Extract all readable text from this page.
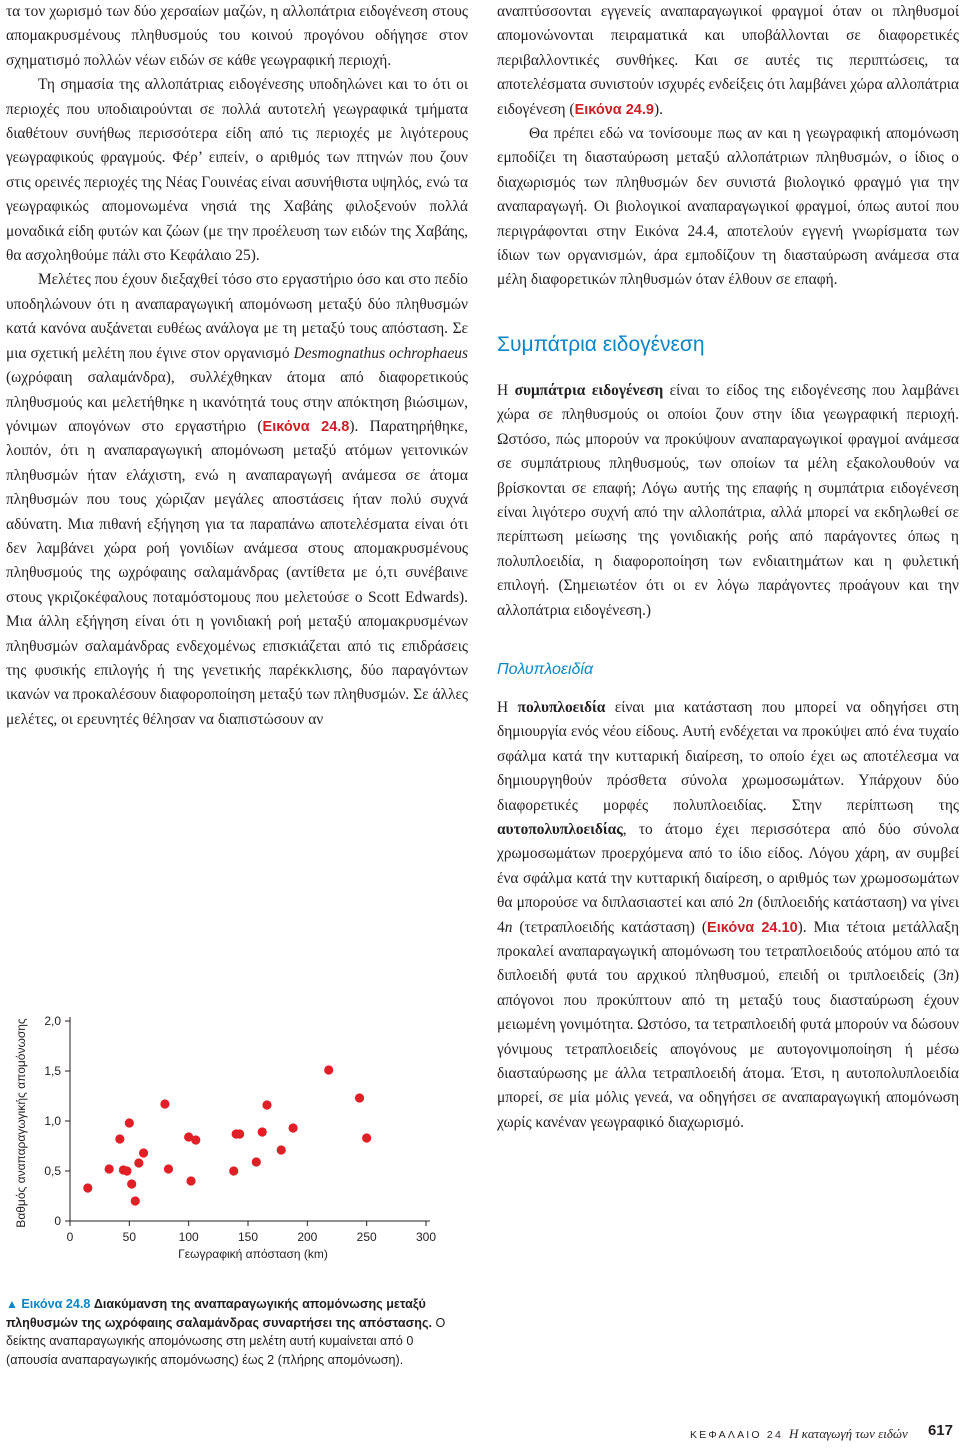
τα τον χωρισμό των δύο χερσαίων μαζών, η αλλοπάτρια ειδογένεση στους απομακρυσμένους πληθυσμούς του κοινού προγόνου οδήγησε στον σχηματισμό πολλών νέων ειδών σε κάθε γεωγραφική περιοχή.

Τη σημασία της αλλοπάτριας ειδογένεσης υποδηλώνει και το ότι οι περιοχές που υποδιαιρούνται σε πολλά αυτοτελή γεωγραφικά τμήματα διαθέτουν συνήθως περισσότερα είδη από τις περιοχές με λιγότερους γεωγραφικούς φραγμούς. Φέρ’ ειπείν, ο αριθμός των πτηνών που ζουν στις ορεινές περιοχές της Νέας Γουινέας είναι ασυνήθιστα υψηλός, ενώ τα γεωγραφικώς απομονωμένα νησιά της Χαβάης φιλοξενούν πολλά μοναδικά είδη φυτών και ζώων (με την προέλευση των ειδών της Χαβάης, θα ασχοληθούμε πάλι στο Κεφάλαιο 25).

Μελέτες που έχουν διεξαχθεί τόσο στο εργαστήριο όσο και στο πεδίο υποδηλώνουν ότι η αναπαραγωγική απομόνωση μεταξύ δύο πληθυσμών κατά κανόνα αυξάνεται ευθέως ανάλογα με τη μεταξύ τους απόσταση. Σε μια σχετική μελέτη που έγινε στον οργανισμό Desmognathus ochrophaeus (ωχρόφαιη σαλαμάνδρα), συλλέχθηκαν άτομα από διαφορετικούς πληθυσμούς και μελετήθηκε η ικανότητά τους στην απόκτηση βιώσιμων, γόνιμων απογόνων στο εργαστήριο (Εικόνα 24.8). Παρατηρήθηκε, λοιπόν, ότι η αναπαραγωγική απομόνωση μεταξύ ατόμων γειτονικών πληθυσμών ήταν ελάχιστη, ενώ η αναπαραγωγή ανάμεσα σε άτομα πληθυσμών που τους χώριζαν μεγάλες αποστάσεις ήταν πολύ συχνά αδύνατη. Μια πιθανή εξήγηση για τα παραπάνω αποτελέσματα είναι ότι δεν λαμβάνει χώρα ροή γονιδίων ανάμεσα στους απομακρυσμένους πληθυσμούς της ωχρόφαιης σαλαμάνδρας (αντίθετα με ό,τι συνέβαινε στους γκριζοκέφαλους ποταμόστομους που μελετούσε ο Scott Edwards). Μια άλλη εξήγηση είναι ότι η γονιδιακή ροή μεταξύ απομακρυσμένων πληθυσμών σαλαμάνδρας ενδεχομένως επισκιάζεται από τις επιδράσεις της φυσικής επιλογής ή της γενετικής παρέκκλισης, δύο παραγόντων ικανών να προκαλέσουν διαφοροποίηση μεταξύ των πληθυσμών. Σε άλλες μελέτες, οι ερευνητές θέλησαν να διαπιστώσουν αν

Βαθμός αναπαραγωγικής απομόνωσης
Γεωγραφική απόσταση (km)
0
0,5
1,0
1,5
2,0
0	50	100	150	200	250	300
▲ Εικόνα 24.8 Διακύμανση της αναπαραγωγικής απομόνωσης μεταξύ πληθυσμών της ωχρόφαιης σαλαμάνδρας συναρτήσει της απόστασης. Ο δείκτης αναπαραγωγικής απομόνωσης στη μελέτη αυτή κυμαίνεται από 0 (απουσία αναπαραγωγικής απομόνωσης) έως 2 (πλήρης απομόνωση).

αναπτύσσονται εγγενείς αναπαραγωγικοί φραγμοί όταν οι πληθυσμοί απομονώνονται πειραματικά και υποβάλλονται σε διαφορετικές περιβαλλοντικές συνθήκες. Και σε αυτές τις περιπτώσεις, τα αποτελέσματα συνιστούν ισχυρές ενδείξεις ότι λαμβάνει χώρα αλλοπάτρια ειδογένεση (Εικόνα 24.9).

Θα πρέπει εδώ να τονίσουμε πως αν και η γεωγραφική απομόνωση εμποδίζει τη διασταύρωση μεταξύ αλλοπάτριων πληθυσμών, ο ίδιος ο διαχωρισμός των πληθυσμών δεν συνιστά βιολογικό φραγμό για την αναπαραγωγή. Οι βιολογικοί αναπαραγωγικοί φραγμοί, όπως αυτοί που περιγράφονται στην Εικόνα 24.4, αποτελούν εγγενή γνωρίσματα των ίδιων των οργανισμών, άρα εμποδίζουν τη διασταύρωση ανάμεσα στα μέλη διαφορετικών πληθυσμών όταν έλθουν σε επαφή.

Συμπάτρια ειδογένεση

Η συμπάτρια ειδογένεση είναι το είδος της ειδογένεσης που λαμβάνει χώρα σε πληθυσμούς οι οποίοι ζουν στην ίδια γεωγραφική περιοχή. Ωστόσο, πώς μπορούν να προκύψουν αναπαραγωγικοί φραγμοί ανάμεσα σε συμπάτριους πληθυσμούς, των οποίων τα μέλη εξακολουθούν να βρίσκονται σε επαφή; Λόγω αυτής της επαφής η συμπάτρια ειδογένεση είναι λιγότερο συχνή από την αλλοπάτρια, αλλά μπορεί να εκδηλωθεί σε περίπτωση μείωσης της γονιδιακής ροής από παράγοντες όπως η πολυπλοειδία, η διαφοροποίηση των ενδιαιτημάτων και η φυλετική επιλογή. (Σημειωτέον ότι οι εν λόγω παράγοντες προάγουν και την αλλοπάτρια ειδογένεση.)

Πολυπλοειδία

Η πολυπλοειδία είναι μια κατάσταση που μπορεί να οδηγήσει στη δημιουργία ενός νέου είδους. Αυτή ενδέχεται να προκύψει από ένα τυχαίο σφάλμα κατά την κυτταρική διαίρεση, το οποίο έχει ως αποτέλεσμα να δημιουργηθούν πρόσθετα σύνολα χρωμοσωμάτων. Υπάρχουν δύο διαφορετικές μορφές πολυπλοειδίας. Στην περίπτωση της αυτοπολυπλοειδίας, το άτομο έχει περισσότερα από δύο σύνολα χρωμοσωμάτων προερχόμενα από το ίδιο είδος. Λόγου χάρη, αν συμβεί ένα σφάλμα κατά την κυτταρική διαίρεση, ο αριθμός των χρωμοσωμάτων θα μπορούσε να διπλασιαστεί και από 2n (διπλοειδής κατάσταση) να γίνει 4n (τετραπλοειδής κατάσταση) (Εικόνα 24.10). Μια τέτοια μετάλλαξη προκαλεί αναπαραγωγική απομόνωση του τετραπλοειδούς ατόμου από τα διπλοειδή φυτά του αρχικού πληθυσμού, επειδή οι τριπλοειδείς (3n) απόγονοι που προκύπτουν από τη μεταξύ τους διασταύρωση έχουν μειωμένη γονιμότητα. Ωστόσο, τα τετραπλοειδή φυτά μπορούν να δώσουν γόνιμους τετραπλοειδείς απογόνους με αυτογονιμοποίηση ή μέσω διασταύρωσης με άλλα τετραπλοειδή άτομα. Έτσι, η αυτοπολυπλοειδία μπορεί, σε μία μόλις γενεά, να οδηγήσει σε αναπαραγωγική απομόνωση χωρίς κανέναν γεωγραφικό διαχωρισμό.

ΚΕΦΑΛΑΙΟ 24 Η καταγωγή των ειδών 617
